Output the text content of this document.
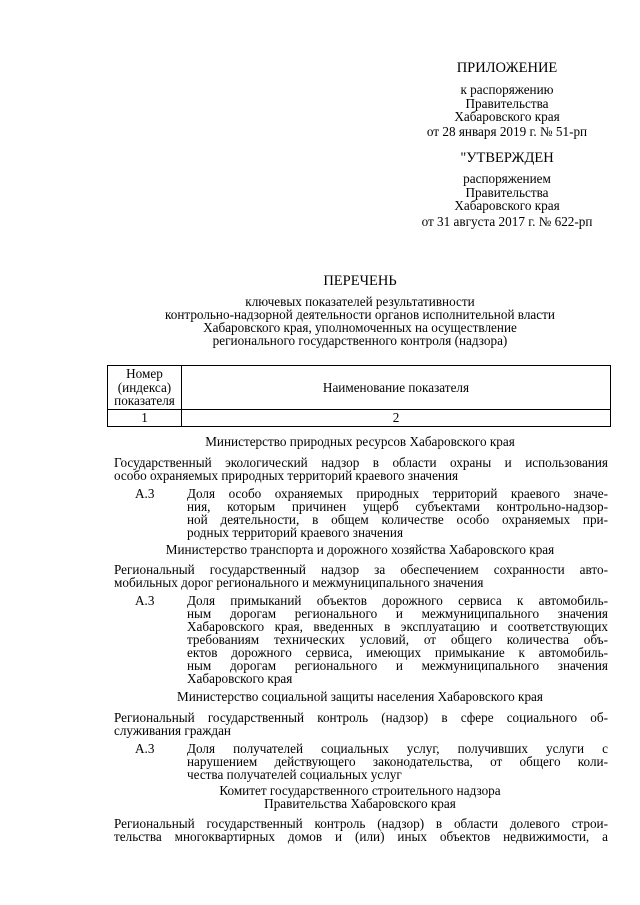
ПРИЛОЖЕНИЕ
к распоряжению
Правительства
Хабаровского края
от 28 января 2019 г. № 51-рп
"УТВЕРЖДЕН
распоряжением
Правительства
Хабаровского края
от 31 августа 2017 г. № 622-рп
ПЕРЕЧЕНЬ
ключевых показателей результативности
контрольно-надзорной деятельности органов исполнительной власти
Хабаровского края, уполномоченных на осуществление
регионального государственного контроля (надзора)
Номер
(индекса)
показателя	Наименование показателя
1	2
Министерство природных ресурсов Хабаровского края
Государственный экологический надзор в области охраны и использования
особо охраняемых природных территорий краевого значения
А.3	Доля особо охраняемых природных территорий краевого значе-
ния, которым причинен ущерб субъектами контрольно-надзор-
ной деятельности, в общем количестве особо охраняемых при-
родных территорий краевого значения
Министерство транспорта и дорожного хозяйства Хабаровского края
Региональный государственный надзор за обеспечением сохранности авто-
мобильных дорог регионального и межмуниципального значения
А.3	Доля примыканий объектов дорожного сервиса к автомобиль-
ным дорогам регионального и межмуниципального значения
Хабаровского края, введенных в эксплуатацию и соответствующих
требованиям технических условий, от общего количества объ-
ектов дорожного сервиса, имеющих примыкание к автомобиль-
ным дорогам регионального и межмуниципального значения
Хабаровского края
Министерство социальной защиты населения Хабаровского края
Региональный государственный контроль (надзор) в сфере социального об-
служивания граждан
А.3	Доля получателей социальных услуг, получивших услуги с
нарушением действующего законодательства, от общего коли-
чества получателей социальных услуг
Комитет государственного строительного надзора
Правительства Хабаровского края
Региональный государственный контроль (надзор) в области долевого строи-
тельства многоквартирных домов и (или) иных объектов недвижимости, а
